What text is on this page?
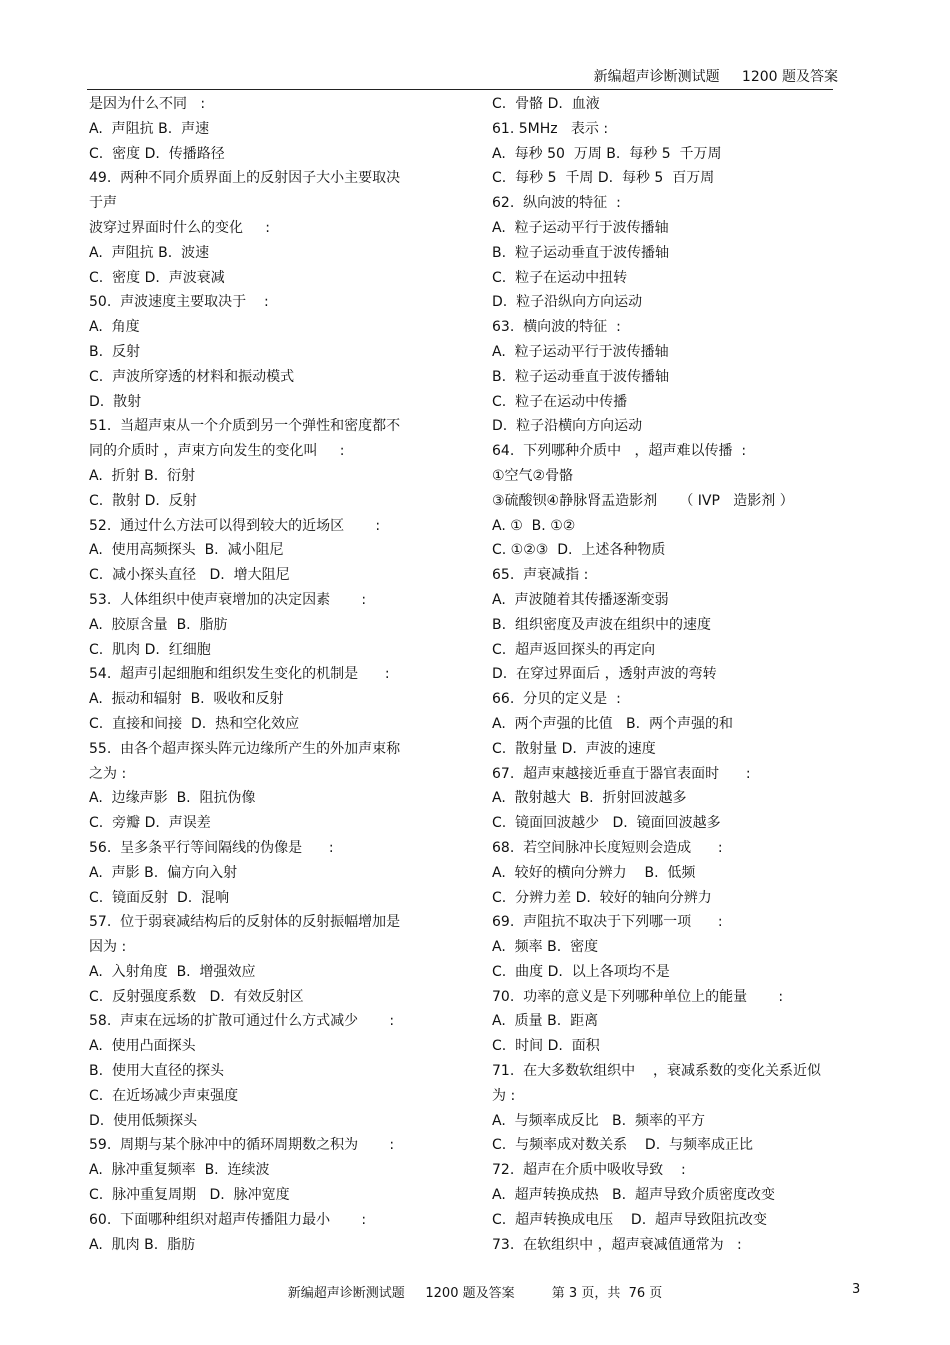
新编超声诊断测试题     1200 题及答案
是因为什么不同   :
A.  声阻抗 B.  声速
C.  密度 D.  传播路径
49.  两种不同介质界面上的反射因子大小主要取决
于声
波穿过界面时什么的变化     :
A.  声阻抗 B.  波速
C.  密度 D.  声波衰减
50.  声波速度主要取决于    :
A.  角度
B.  反射
C.  声波所穿透的材料和振动模式
D.  散射
51.  当超声束从一个介质到另一个弹性和密度都不
同的介质时 ，声束方向发生的变化叫     :
A.  折射 B.  衍射
C.  散射 D.  反射
52.  通过什么方法可以得到较大的近场区       :
A.  使用高频探头  B.  减小阻尼
C.  减小探头直径   D.  增大阻尼
53.  人体组织中使声衰增加的决定因素       :
A.  胶原含量  B.  脂肪
C.  肌肉 D.  红细胞
54.  超声引起细胞和组织发生变化的机制是      :
A.  振动和辐射  B.  吸收和反射
C.  直接和间接  D.  热和空化效应
55.  由各个超声探头阵元边缘所产生的外加声束称
之为 :
A.  边缘声影  B.  阻抗伪像
C.  旁瓣 D.  声误差
56.  呈多条平行等间隔线的伪像是      :
A.  声影 B.  偏方向入射
C.  镜面反射  D.  混响
57.  位于弱衰减结构后的反射体的反射振幅增加是
因为 :
A.  入射角度  B.  增强效应
C.  反射强度系数   D.  有效反射区
58.  声束在远场的扩散可通过什么方式减少       :
A.  使用凸面探头
B.  使用大直径的探头
C.  在近场减少声束强度
D.  使用低频探头
59.  周期与某个脉冲中的循环周期数之积为       :
A.  脉冲重复频率  B.  连续波
C.  脉冲重复周期   D.  脉冲宽度
60.  下面哪种组织对超声传播阻力最小       :
A.  肌肉 B.  脂肪
C.  骨骼 D.  血液
61. 5MHz   表示 :
A.  每秒 50  万周 B.  每秒 5  千万周
C.  每秒 5  千周 D.  每秒 5  百万周
62.  纵向波的特征  :
A.  粒子运动平行于波传播轴
B.  粒子运动垂直于波传播轴
C.  粒子在运动中扭转
D.  粒子沿纵向方向运动
63.  横向波的特征  :
A.  粒子运动平行于波传播轴
B.  粒子运动垂直于波传播轴
C.  粒子在运动中传播
D.  粒子沿横向方向运动
64.  下列哪种介质中   ，超声难以传播  :
①空气②骨骼
③硫酸钡④静脉肾盂造影剂     （ IVP   造影剂 ）
A. ①  B. ①②
C. ①②③  D.  上述各种物质
65.  声衰减指 :
A.  声波随着其传播逐渐变弱
B.  组织密度及声波在组织中的速度
C.  超声返回探头的再定向
D.  在穿过界面后 ，透射声波的弯转
66.  分贝的定义是  :
A.  两个声强的比值   B.  两个声强的和
C.  散射量 D.  声波的速度
67.  超声束越接近垂直于器官表面时      :
A.  散射越大  B.  折射回波越多
C.  镜面回波越少   D.  镜面回波越多
68.  若空间脉冲长度短则会造成      :
A.  较好的横向分辨力    B.  低频
C.  分辨力差 D.  较好的轴向分辨力
69.  声阻抗不取决于下列哪一项      :
A.  频率 B.  密度
C.  曲度 D.  以上各项均不是
70.  功率的意义是下列哪种单位上的能量       :
A.  质量 B.  距离
C.  时间 D.  面积
71.  在大多数软组织中    ，衰减系数的变化关系近似
为 :
A.  与频率成反比   B.  频率的平方
C.  与频率成对数关系    D.  与频率成正比
72.  超声在介质中吸收导致    :
A.  超声转换成热   B.  超声导致介质密度改变
C.  超声转换成电压    D.  超声导致阻抗改变
73.  在软组织中 ，超声衰减值通常为   :
新编超声诊断测试题     1200 题及答案         第 3 页，共  76 页	3
